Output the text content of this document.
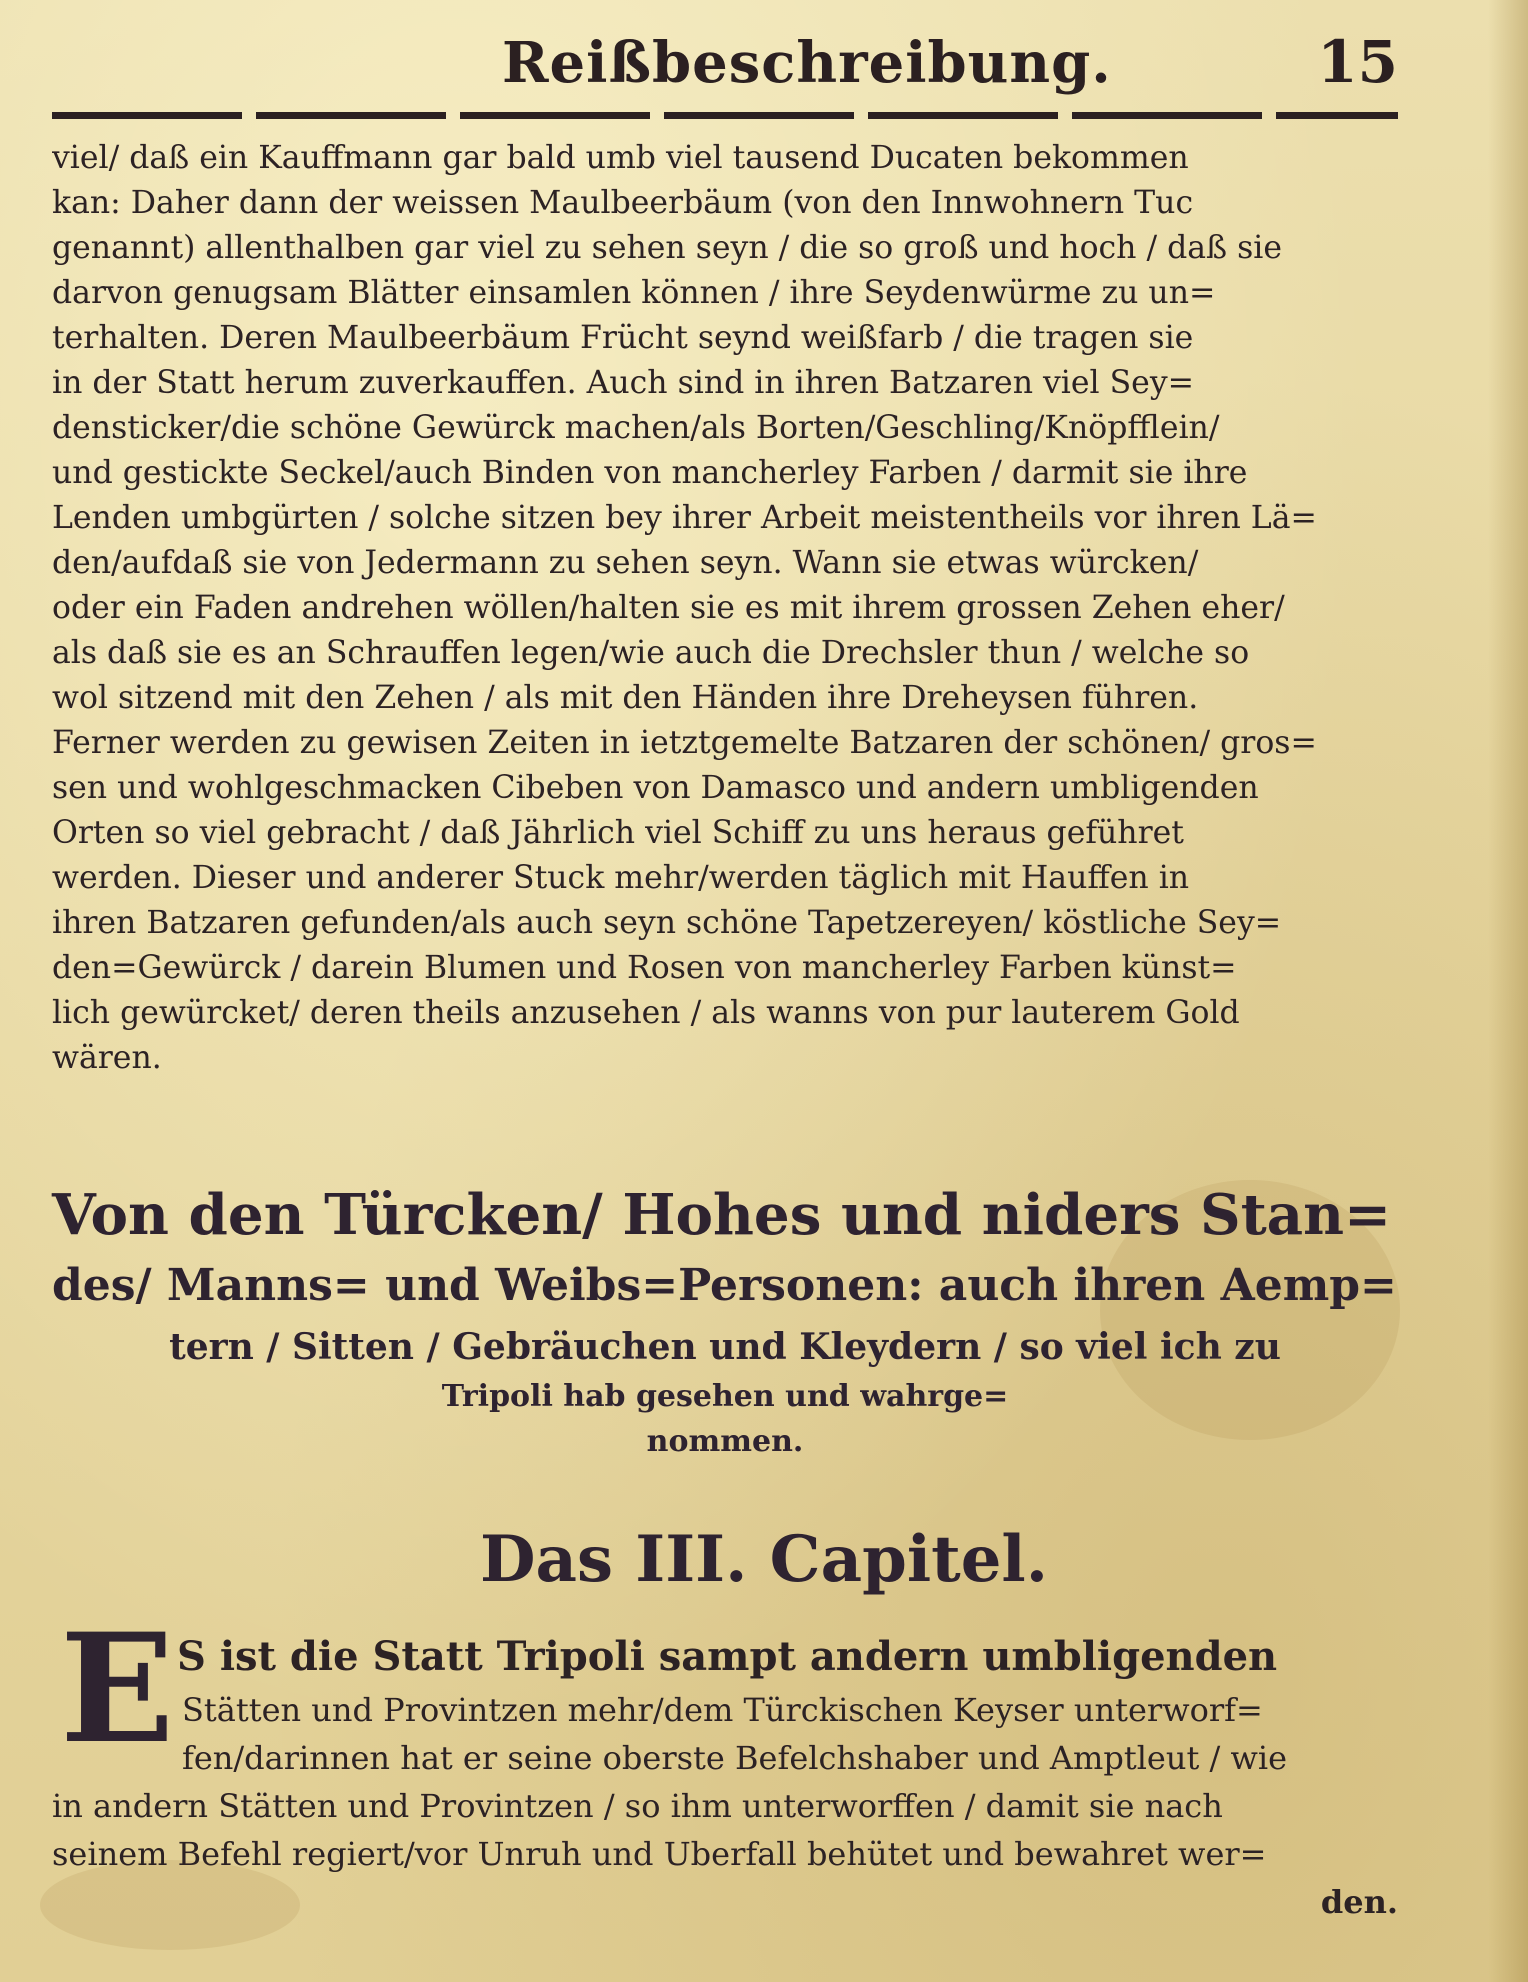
Reißbeschreibung.	15
viel/ daß ein Kauffmann gar bald umb viel tausend Ducaten bekommen
kan: Daher dann der weissen Maulbeerbäum (von den Innwohnern Tuc
genannt) allenthalben gar viel zu sehen seyn / die so groß und hoch / daß sie
darvon genugsam Blätter einsamlen können / ihre Seydenwürme zu un=
terhalten. Deren Maulbeerbäum Frücht seynd weißfarb / die tragen sie
in der Statt herum zuverkauffen. Auch sind in ihren Batzaren viel Sey=
densticker/die schöne Gewürck machen/als Borten/Geschling/Knöpfflein/
und gestickte Seckel/auch Binden von mancherley Farben / darmit sie ihre
Lenden umbgürten / solche sitzen bey ihrer Arbeit meistentheils vor ihren Lä=
den/aufdaß sie von Jedermann zu sehen seyn. Wann sie etwas würcken/
oder ein Faden andrehen wöllen/halten sie es mit ihrem grossen Zehen eher/
als daß sie es an Schrauffen legen/wie auch die Drechsler thun / welche so
wol sitzend mit den Zehen / als mit den Händen ihre Dreheysen führen.
Ferner werden zu gewisen Zeiten in ietztgemelte Batzaren der schönen/ gros=
sen und wohlgeschmacken Cibeben von Damasco und andern umbligenden
Orten so viel gebracht / daß Jährlich viel Schiff zu uns heraus geführet
werden. Dieser und anderer Stuck mehr/werden täglich mit Hauffen in
ihren Batzaren gefunden/als auch seyn schöne Tapetzereyen/ köstliche Sey=
den=Gewürck / darein Blumen und Rosen von mancherley Farben künst=
lich gewürcket/ deren theils anzusehen / als wanns von pur lauterem Gold
wären.
Von den Türcken/ Hohes und niders Stan=
des/ Manns= und Weibs=Personen: auch ihren Aemp=
tern / Sitten / Gebräuchen und Kleydern / so viel ich zu
Tripoli hab gesehen und wahrge=
nommen.
Das III. Capitel.
E S ist die Statt Tripoli sampt andern umbligenden
Stätten und Provintzen mehr/dem Türckischen Keyser unterworf=
fen/darinnen hat er seine oberste Befelchshaber und Amptleut / wie
in andern Stätten und Provintzen / so ihm unterworffen / damit sie nach
seinem Befehl regiert/vor Unruh und Uberfall behütet und bewahret wer=
den.
